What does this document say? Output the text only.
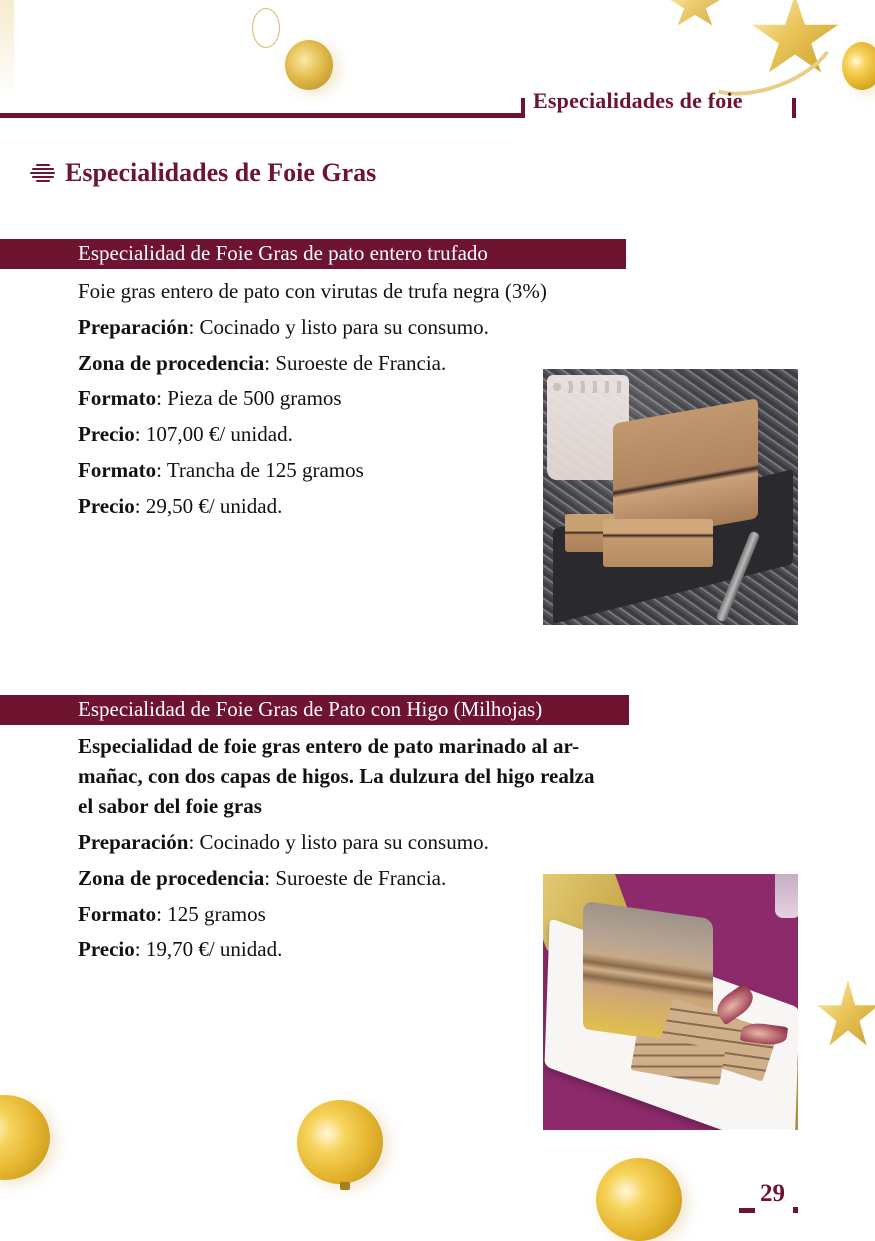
Especialidades de foie
Especialidades de Foie Gras
Especialidad de Foie Gras de pato entero trufado
Foie gras entero de pato con virutas de trufa negra (3%)
Preparación: Cocinado y listo para su consumo.
Zona de procedencia: Suroeste de Francia.
Formato: Pieza de 500 gramos
Precio: 107,00 €/ unidad.
Formato: Trancha de 125 gramos
Precio: 29,50 €/ unidad.
Especialidad de Foie Gras de Pato con Higo (Milhojas)
Especialidad de foie gras entero de pato marinado al ar-
mañac, con dos capas de higos. La dulzura del higo realza
el sabor del foie gras
Preparación: Cocinado y listo para su consumo.
Zona de procedencia: Suroeste de Francia.
Formato: 125 gramos
Precio: 19,70 €/ unidad.
29
